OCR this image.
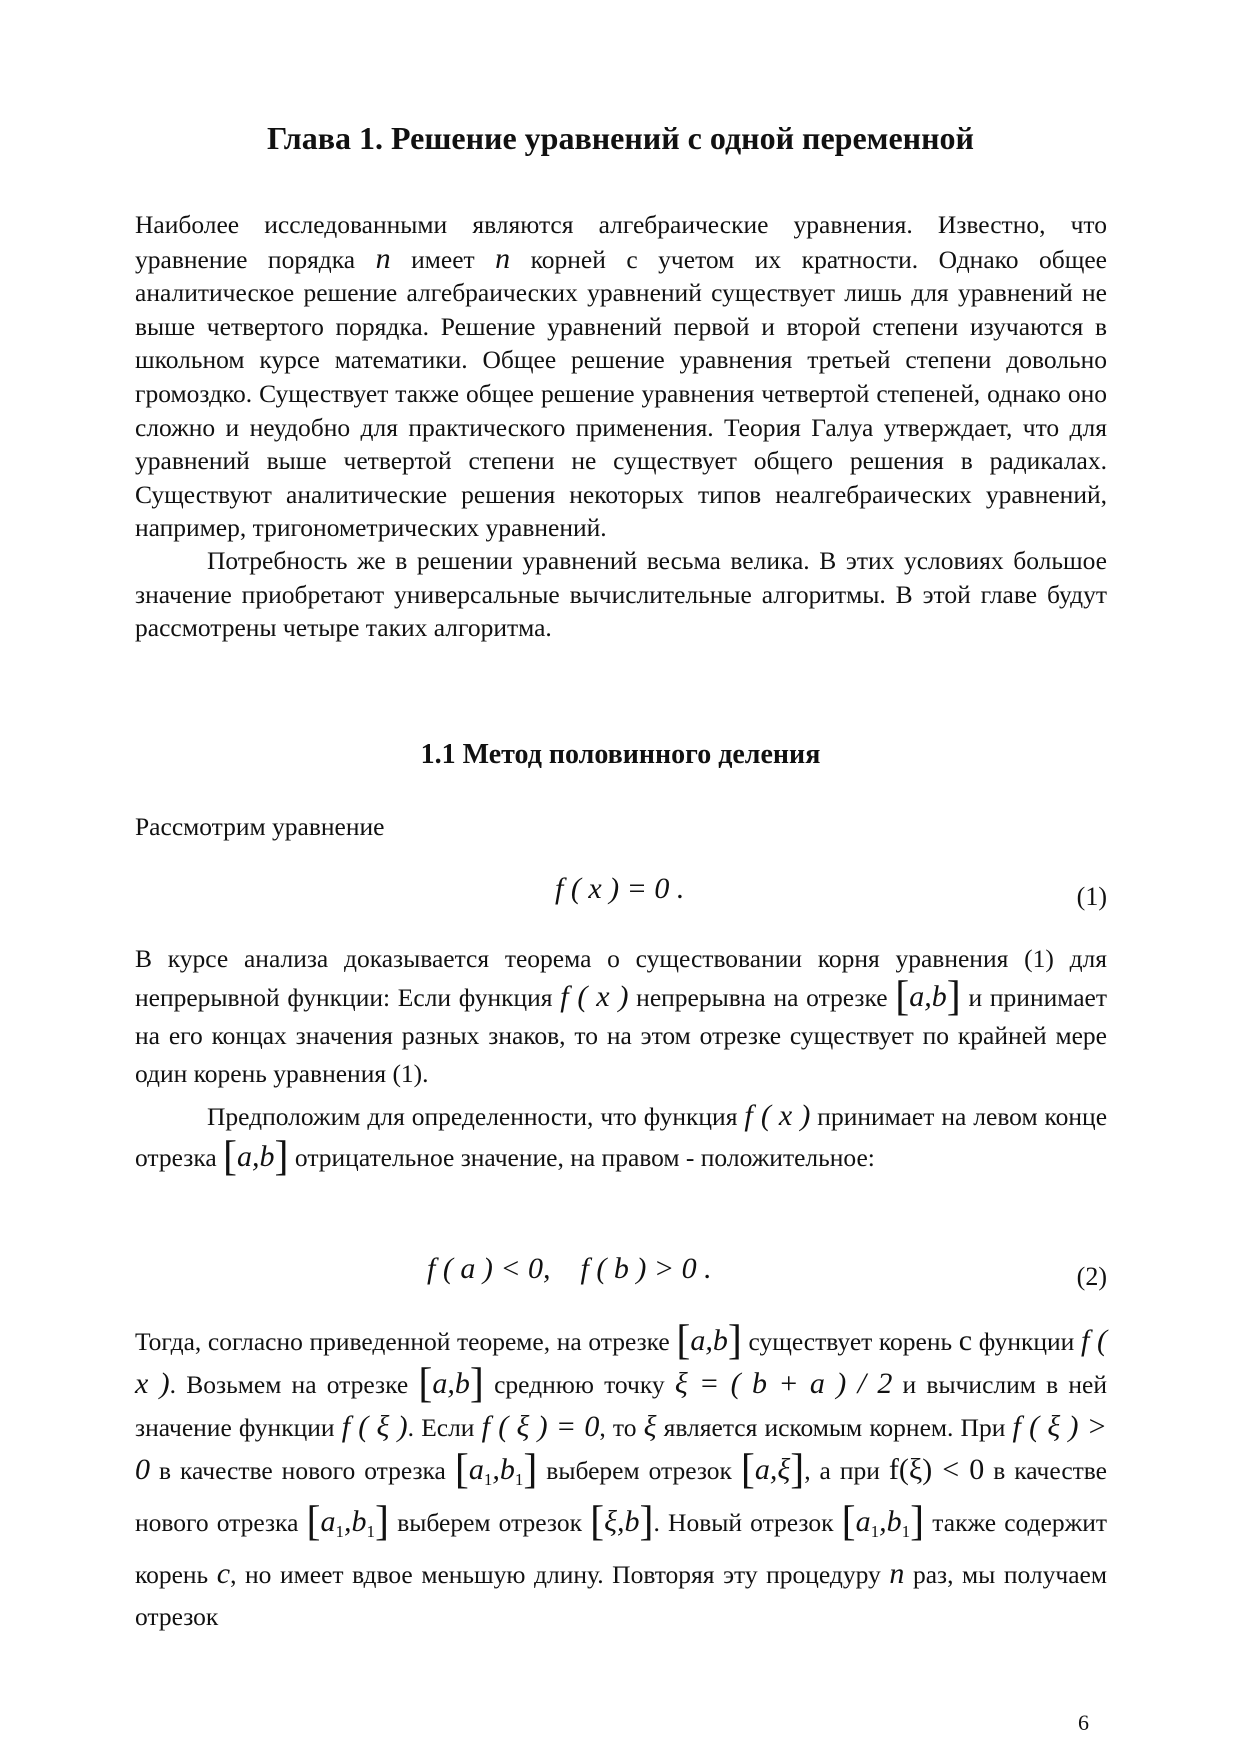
Глава 1. Решение уравнений с одной переменной
Наиболее исследованными являются алгебраические уравнения. Известно, что уравнение порядка n имеет n корней с учетом их кратности. Однако общее аналитическое решение алгебраических уравнений существует лишь для уравнений не выше четвертого порядка. Решение уравнений первой и второй степени изучаются в школьном курсе математики. Общее решение уравнения третьей степени довольно громоздко. Существует также общее решение уравнения четвертой степеней, однако оно сложно и неудобно для практического применения. Теория Галуа утверждает, что для уравнений выше четвертой степени не существует общего решения в радикалах. Существуют аналитические решения некоторых типов неалгебраических уравнений, например, тригонометрических уравнений.
Потребность же в решении уравнений весьма велика. В этих условиях большое значение приобретают универсальные вычислительные алгоритмы. В этой главе будут рассмотрены четыре таких алгоритма.
1.1 Метод половинного деления
Рассмотрим уравнение
f ( x ) = 0 .	(1)
В курсе анализа доказывается теорема о существовании корня уравнения (1) для непрерывной функции: Если функция f ( x ) непрерывна на отрезке [a,b] и принимает на его концах значения разных знаков, то на этом отрезке существует по крайней мере один корень уравнения (1).
Предположим для определенности, что функция f ( x ) принимает на левом конце отрезка [a,b] отрицательное значение, на правом - положительное:
f ( a ) < 0,    f ( b ) > 0 .	(2)
Тогда, согласно приведенной теореме, на отрезке [a,b] существует корень c функции f ( x ). Возьмем на отрезке [a,b] среднюю точку ξ = ( b + a ) / 2 и вычислим в ней значение функции f ( ξ ). Если f ( ξ ) = 0, то ξ является искомым корнем. При f ( ξ ) > 0 в качестве нового отрезка $[a_1,b_1]$ выберем отрезок [a,ξ], а при f(ξ) < 0 в качестве нового отрезка $[a_1,b_1]$ выберем отрезок [ξ,b]. Новый отрезок $[a_1,b_1]$ также содержит корень c, но имеет вдвое меньшую длину. Повторяя эту процедуру n раз, мы получаем отрезок
6
